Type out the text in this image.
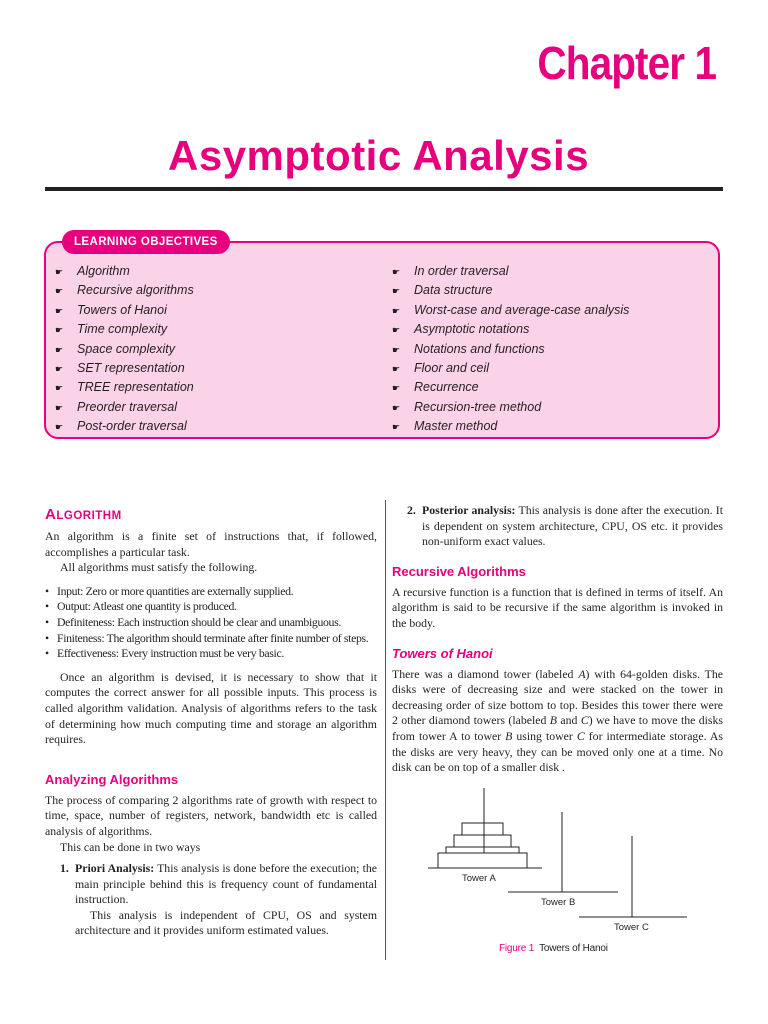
Chapter 1
Asymptotic Analysis
LEARNING OBJECTIVES
☛ Algorithm
☛ Recursive algorithms
☛ Towers of Hanoi
☛ Time complexity
☛ Space complexity
☛ SET representation
☛ TREE representation
☛ Preorder traversal
☛ Post-order traversal
☛ In order traversal
☛ Data structure
☛ Worst-case and average-case analysis
☛ Asymptotic notations
☛ Notations and functions
☛ Floor and ceil
☛ Recurrence
☛ Recursion-tree method
☛ Master method
ALGORITHM

An algorithm is a finite set of instructions that, if followed, accomplishes a particular task.

All algorithms must satisfy the following.

• Input: Zero or more quantities are externally supplied.
• Output: Atleast one quantity is produced.
• Definiteness: Each instruction should be clear and unambiguous.
• Finiteness: The algorithm should terminate after finite number of steps.
• Effectiveness: Every instruction must be very basic.

Once an algorithm is devised, it is necessary to show that it computes the correct answer for all possible inputs. This process is called algorithm validation. Analysis of algorithms refers to the task of determining how much computing time and storage an algorithm requires.

Analyzing Algorithms

The process of comparing 2 algorithms rate of growth with respect to time, space, number of registers, network, bandwidth etc is called analysis of algorithms.

This can be done in two ways

1. Priori Analysis: This analysis is done before the execution; the main principle behind this is frequency count of fundamental instruction.
This analysis is independent of CPU, OS and system architecture and it provides uniform estimated values.
2. Posterior analysis: This analysis is done after the execution. It is dependent on system architecture, CPU, OS etc. it provides non-uniform exact values.
Recursive Algorithms

A recursive function is a function that is defined in terms of itself. An algorithm is said to be recursive if the same algorithm is invoked in the body.

Towers of Hanoi

There was a diamond tower (labeled A) with 64-golden disks. The disks were of decreasing size and were stacked on the tower in decreasing order of size bottom to top. Besides this tower there were 2 other diamond towers (labeled B and C) we have to move the disks from tower A to tower B using tower C for intermediate storage. As the disks are very heavy, they can be moved only one at a time. No disk can be on top of a smaller disk .

Tower A
Tower B
Tower C
Figure 1 Towers of Hanoi
